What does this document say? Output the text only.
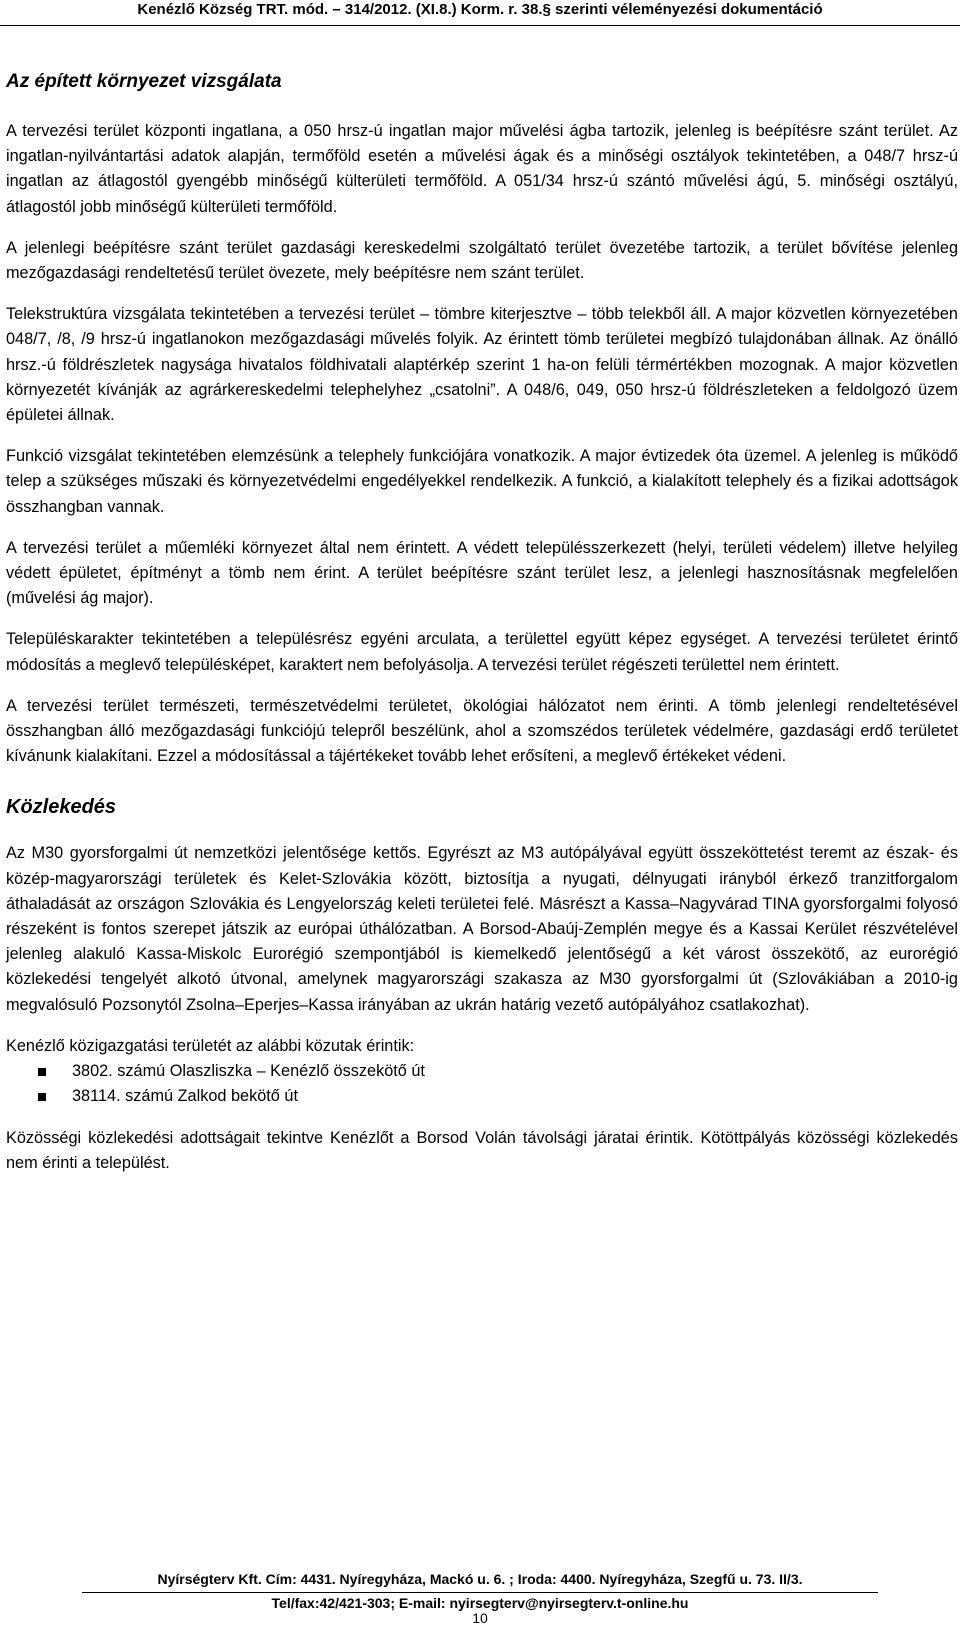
Kenézlő Község TRT. mód. – 314/2012. (XI.8.) Korm. r. 38.§ szerinti véleményezési dokumentáció
Az épített környezet vizsgálata

A tervezési terület központi ingatlana, a 050 hrsz-ú ingatlan major művelési ágba tartozik, jelenleg is beépítésre szánt terület. Az ingatlan-nyilvántartási adatok alapján, termőföld esetén a művelési ágak és a minőségi osztályok tekintetében, a 048/7 hrsz-ú ingatlan az átlagostól gyengébb minőségű külterületi termőföld. A 051/34 hrsz-ú szántó művelési ágú, 5. minőségi osztályú, átlagostól jobb minőségű külterületi termőföld.

A jelenlegi beépítésre szánt terület gazdasági kereskedelmi szolgáltató terület övezetébe tartozik, a terület bővítése jelenleg mezőgazdasági rendeltetésű terület övezete, mely beépítésre nem szánt terület.

Telekstruktúra vizsgálata tekintetében a tervezési terület – tömbre kiterjesztve – több telekből áll. A major közvetlen környezetében 048/7, /8, /9 hrsz-ú ingatlanokon mezőgazdasági művelés folyik. Az érintett tömb területei megbízó tulajdonában állnak. Az önálló hrsz.-ú földrészletek nagysága hivatalos földhivatali alaptérkép szerint 1 ha-on felüli térmértékben mozognak. A major közvetlen környezetét kívánják az agrárkereskedelmi telephelyhez „csatolni”. A 048/6, 049, 050 hrsz-ú földrészleteken a feldolgozó üzem épületei állnak.

Funkció vizsgálat tekintetében elemzésünk a telephely funkciójára vonatkozik. A major évtizedek óta üzemel. A jelenleg is működő telep a szükséges műszaki és környezetvédelmi engedélyekkel rendelkezik. A funkció, a kialakított telephely és a fizikai adottságok összhangban vannak.

A tervezési terület a műemléki környezet által nem érintett. A védett településszerkezett (helyi, területi védelem) illetve helyileg védett épületet, építményt a tömb nem érint. A terület beépítésre szánt terület lesz, a jelenlegi hasznosításnak megfelelően (művelési ág major).

Településkarakter tekintetében a településrész egyéni arculata, a területtel együtt képez egységet. A tervezési területet érintő módosítás a meglevő településképet, karaktert nem befolyásolja. A tervezési terület régészeti területtel nem érintett.

A tervezési terület természeti, természetvédelmi területet, ökológiai hálózatot nem érinti. A tömb jelenlegi rendeltetésével összhangban álló mezőgazdasági funkciójú telepről beszélünk, ahol a szomszédos területek védelmére, gazdasági erdő területet kívánunk kialakítani. Ezzel a módosítással a tájértékeket tovább lehet erősíteni, a meglevő értékeket védeni.

Közlekedés

Az M30 gyorsforgalmi út nemzetközi jelentősége kettős. Egyrészt az M3 autópályával együtt összeköttetést teremt az észak- és közép-magyarországi területek és Kelet-Szlovákia között, biztosítja a nyugati, délnyugati irányból érkező tranzitforgalom áthaladását az országon Szlovákia és Lengyelország keleti területei felé. Másrészt a Kassa–Nagyvárad TINA gyorsforgalmi folyosó részeként is fontos szerepet játszik az európai úthálózatban. A Borsod-Abaúj-Zemplén megye és a Kassai Kerület részvételével jelenleg alakuló Kassa-Miskolc Eurorégió szempontjából is kiemelkedő jelentőségű a két várost összekötő, az eurorégió közlekedési tengelyét alkotó útvonal, amelynek magyarországi szakasza az M30 gyorsforgalmi út (Szlovákiában a 2010-ig megvalósuló Pozsonytól Zsolna–Eperjes–Kassa irányában az ukrán határig vezető autópályához csatlakozhat).

Kenézlő közigazgatási területét az alábbi közutak érintik:

3802. számú Olaszliszka – Kenézlő összekötő út
38114. számú Zalkod bekötő út

Közösségi közlekedési adottságait tekintve Kenézlőt a Borsod Volán távolsági járatai érintik. Kötöttpályás közösségi közlekedés nem érinti a települést.

Nyírségterv Kft. Cím: 4431. Nyíregyháza, Mackó u. 6. ; Iroda: 4400. Nyíregyháza, Szegfű u. 73. II/3.
Tel/fax:42/421-303; E-mail: nyirsegterv@nyirsegterv.t-online.hu
10
